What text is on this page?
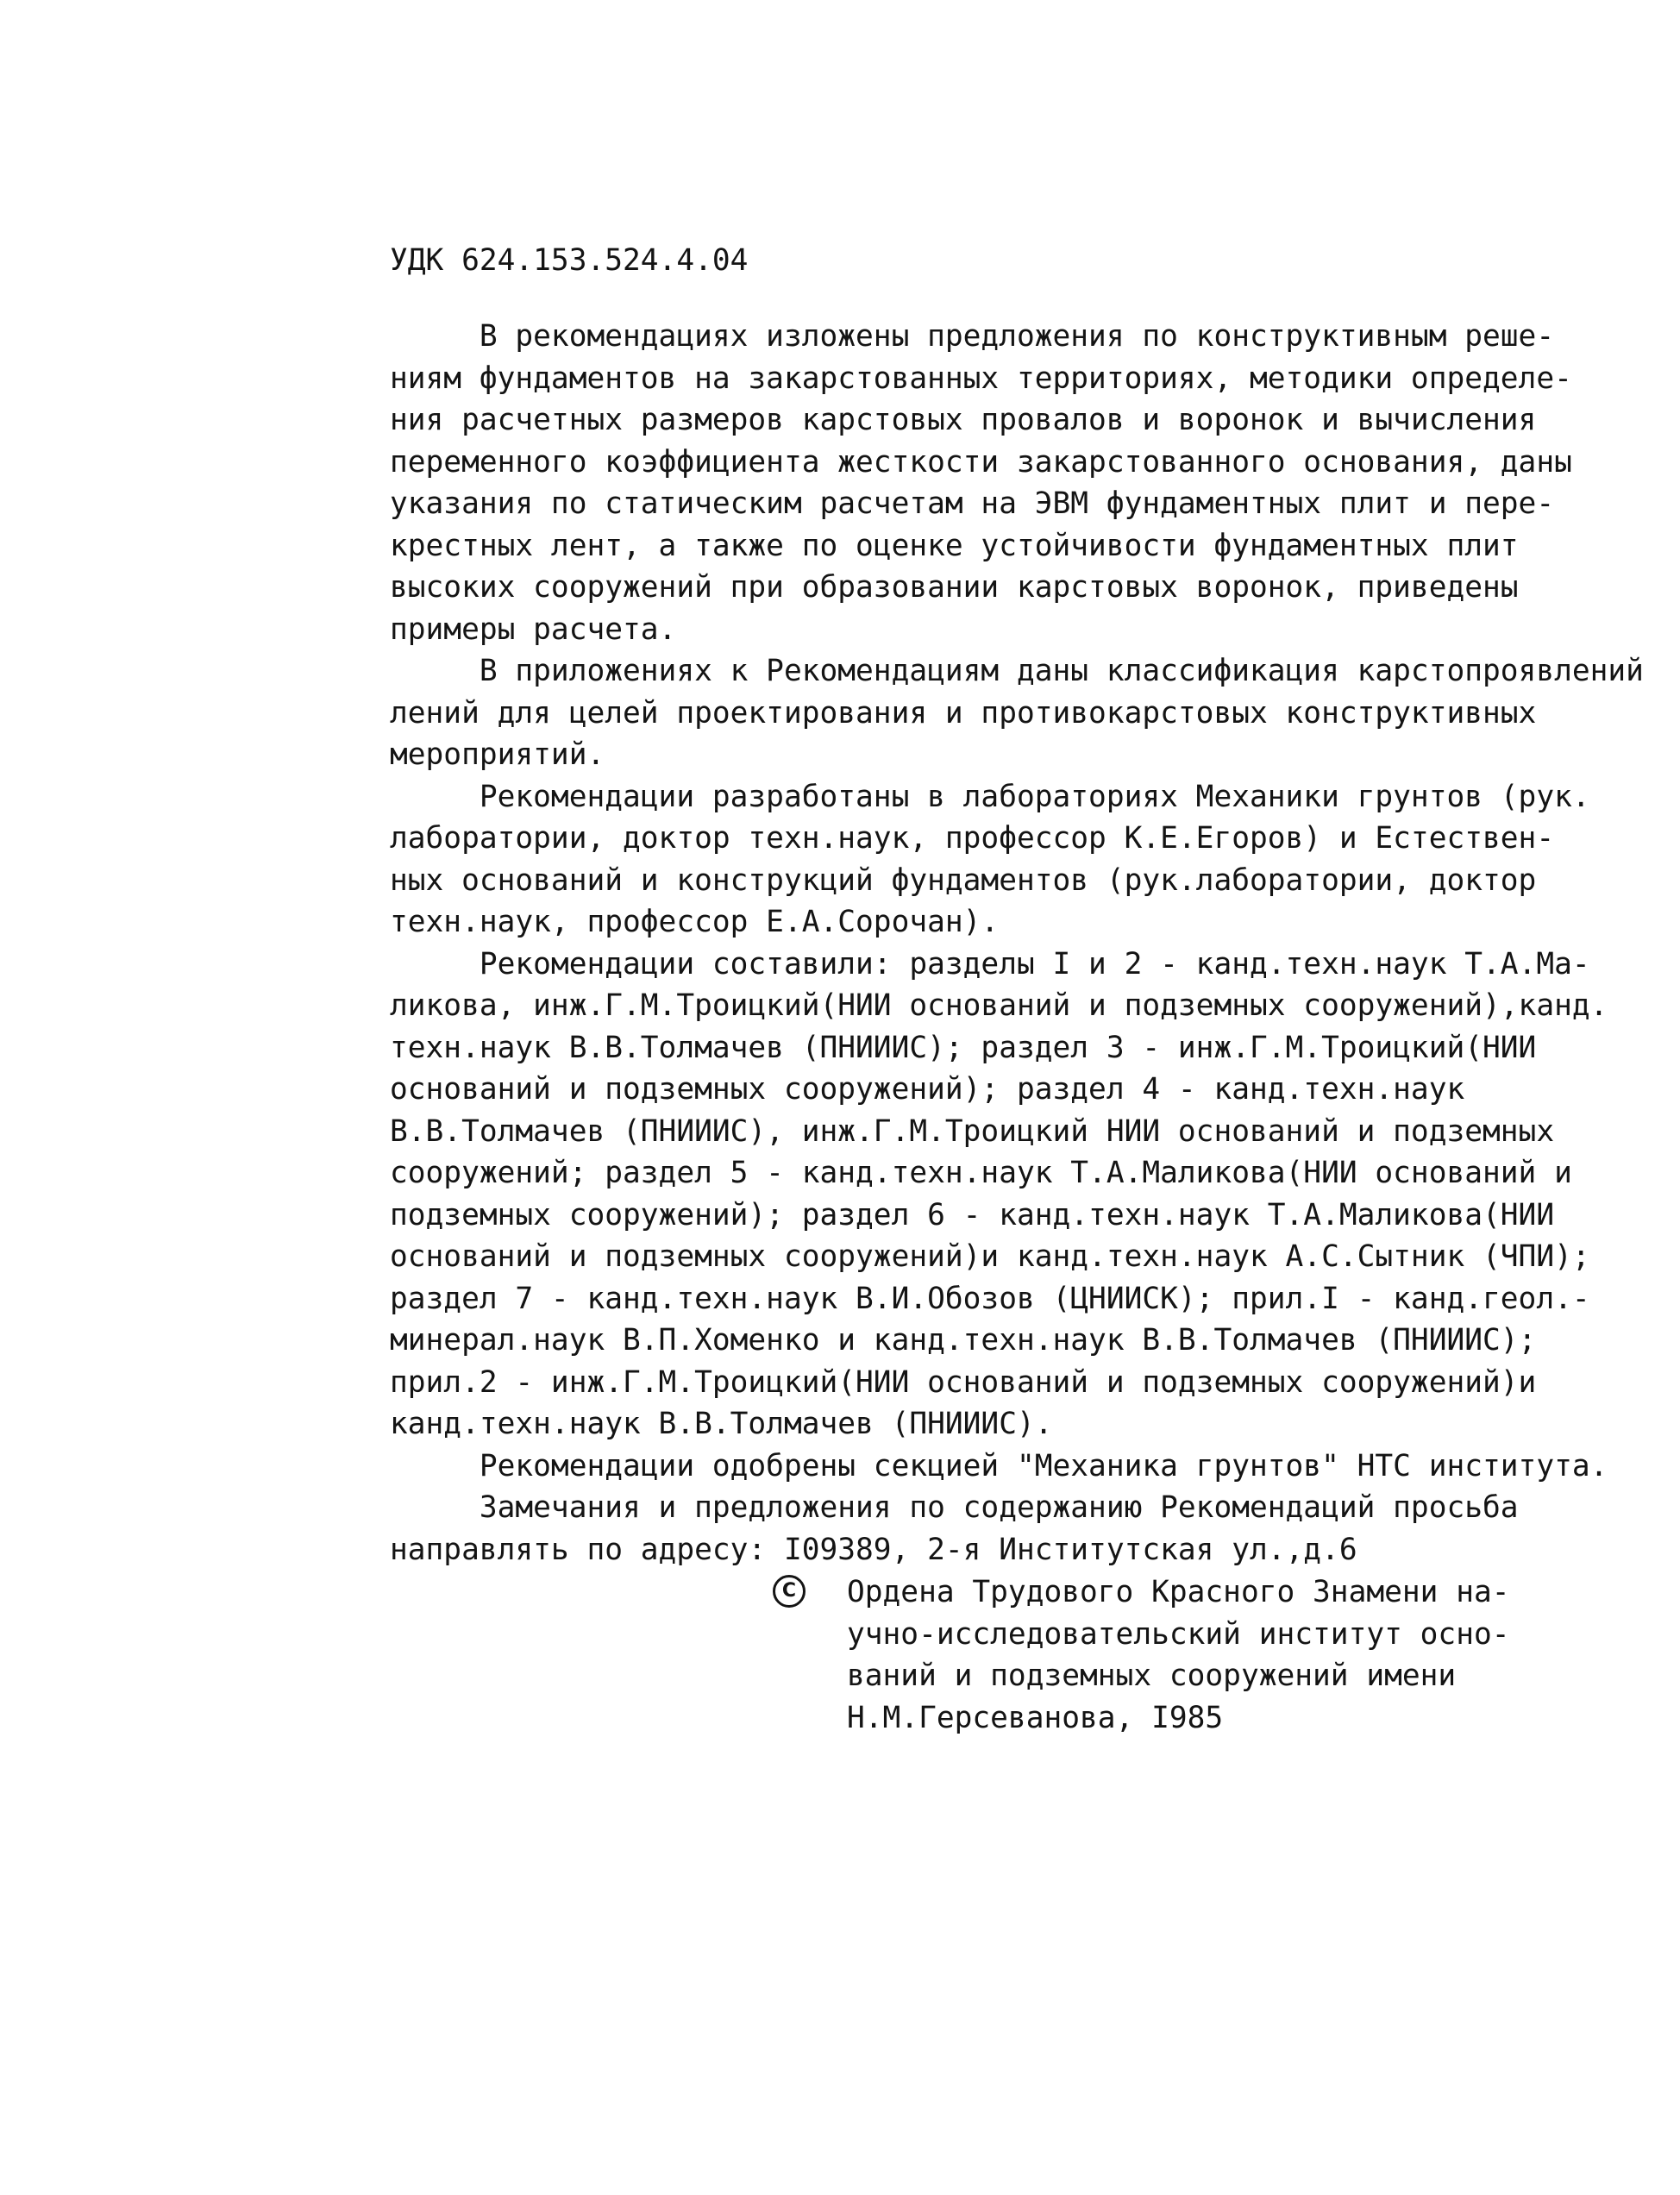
УДК 624.153.524.4.04
В рекомендациях изложены предложения по конструктивным реше-
ниям фундаментов на закарстованных территориях, методики определе-
ния расчетных размеров карстовых провалов и воронок и вычисления
переменного коэффициента жесткости закарстованного основания, даны
указания по статическим расчетам на ЭВМ фундаментных плит и пере-
крестных лент, а также по оценке устойчивости фундаментных плит
высоких сооружений при образовании карстовых воронок, приведены
примеры расчета.
В приложениях к Рекомендациям даны классификация карстопроявлений
лений для целей проектирования и противокарстовых конструктивных
мероприятий.
Рекомендации разработаны в лабораториях Механики грунтов (рук.
лаборатории, доктор техн.наук, профессор К.Е.Егоров) и Естествен-
ных оснований и конструкций фундаментов (рук.лаборатории, доктор
техн.наук, профессор Е.А.Сорочан).
Рекомендации составили: разделы I и 2 - канд.техн.наук Т.А.Ма-
ликова, инж.Г.М.Троицкий(НИИ оснований и подземных сооружений),канд.
техн.наук В.В.Толмачев (ПНИИИС); раздел 3 - инж.Г.М.Троицкий(НИИ
оснований и подземных сооружений); раздел 4 - канд.техн.наук
В.В.Толмачев (ПНИИИС), инж.Г.М.Троицкий НИИ оснований и подземных
сооружений; раздел 5 - канд.техн.наук Т.А.Маликова(НИИ оснований и
подземных сооружений); раздел 6 - канд.техн.наук Т.А.Маликова(НИИ
оснований и подземных сооружений)и канд.техн.наук А.С.Сытник (ЧПИ);
раздел 7 - канд.техн.наук В.И.Обозов (ЦНИИСК); прил.I - канд.геол.-
минерал.наук В.П.Хоменко и канд.техн.наук В.В.Толмачев (ПНИИИС);
прил.2 - инж.Г.М.Троицкий(НИИ оснований и подземных сооружений)и
канд.техн.наук В.В.Толмачев (ПНИИИС).
Рекомендации одобрены секцией "Механика грунтов" НТС института.
Замечания и предложения по содержанию Рекомендаций просьба
направлять по адресу: I09389, 2-я Институтская ул.,д.6
C
Ордена Трудового Красного Знамени на-
учно-исследовательский институт осно-
ваний и подземных сооружений имени
Н.М.Герсеванова, I985
